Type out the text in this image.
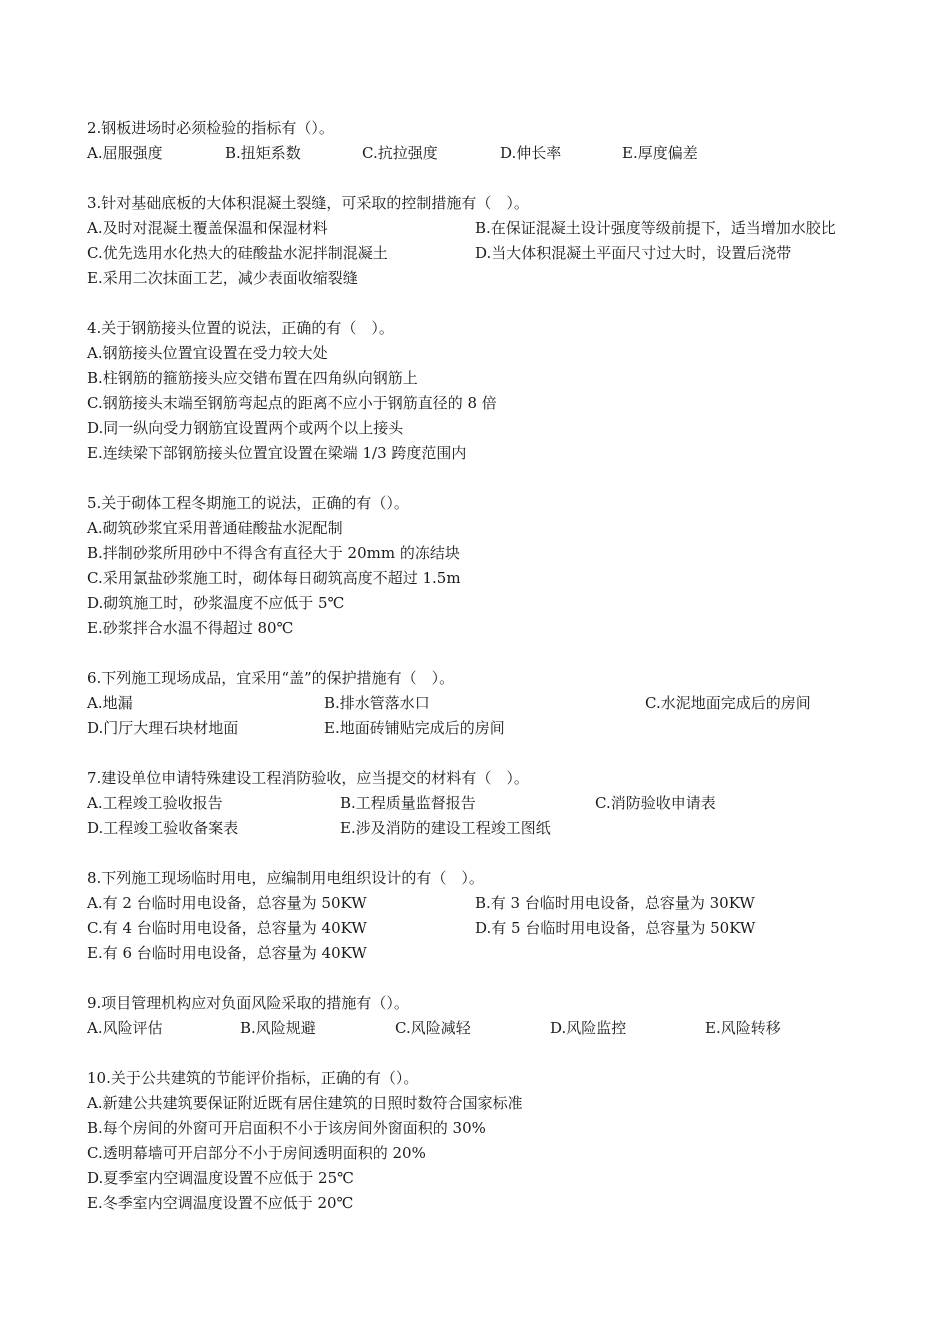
2.钢板进场时必须检验的指标有（）。
A.屈服强度	B.扭矩系数	C.抗拉强度	D.伸长率	E.厚度偏差
3.针对基础底板的大体积混凝土裂缝，可采取的控制措施有（　）。
A.及时对混凝土覆盖保温和保湿材料	B.在保证混凝土设计强度等级前提下，适当增加水胶比
C.优先选用水化热大的硅酸盐水泥拌制混凝土	D.当大体积混凝土平面尺寸过大时，设置后浇带
E.采用二次抹面工艺，减少表面收缩裂缝
4.关于钢筋接头位置的说法，正确的有（　）。
A.钢筋接头位置宜设置在受力较大处
B.柱钢筋的箍筋接头应交错布置在四角纵向钢筋上
C.钢筋接头末端至钢筋弯起点的距离不应小于钢筋直径的 8 倍
D.同一纵向受力钢筋宜设置两个或两个以上接头
E.连续梁下部钢筋接头位置宜设置在梁端 1/3 跨度范围内
5.关于砌体工程冬期施工的说法，正确的有（）。
A.砌筑砂浆宜采用普通硅酸盐水泥配制
B.拌制砂浆所用砂中不得含有直径大于 20mm 的冻结块
C.采用氯盐砂浆施工时，砌体每日砌筑高度不超过 1.5m
D.砌筑施工时，砂浆温度不应低于 5℃
E.砂浆拌合水温不得超过 80℃
6.下列施工现场成品，宜采用“盖”的保护措施有（　）。
A.地漏	B.排水管落水口	C.水泥地面完成后的房间
D.门厅大理石块材地面	E.地面砖铺贴完成后的房间
7.建设单位申请特殊建设工程消防验收，应当提交的材料有（　）。
A.工程竣工验收报告	B.工程质量监督报告	C.消防验收申请表
D.工程竣工验收备案表	E.涉及消防的建设工程竣工图纸
8.下列施工现场临时用电，应编制用电组织设计的有（　）。
A.有 2 台临时用电设备，总容量为 50KW	B.有 3 台临时用电设备，总容量为 30KW
C.有 4 台临时用电设备，总容量为 40KW	D.有 5 台临时用电设备，总容量为 50KW
E.有 6 台临时用电设备，总容量为 40KW
9.项目管理机构应对负面风险采取的措施有（）。
A.风险评估	B.风险规避	C.风险减轻	D.风险监控	E.风险转移
10.关于公共建筑的节能评价指标，正确的有（）。
A.新建公共建筑要保证附近既有居住建筑的日照时数符合国家标准
B.每个房间的外窗可开启面积不小于该房间外窗面积的 30%
C.透明幕墙可开启部分不小于房间透明面积的 20%
D.夏季室内空调温度设置不应低于 25℃
E.冬季室内空调温度设置不应低于 20℃
